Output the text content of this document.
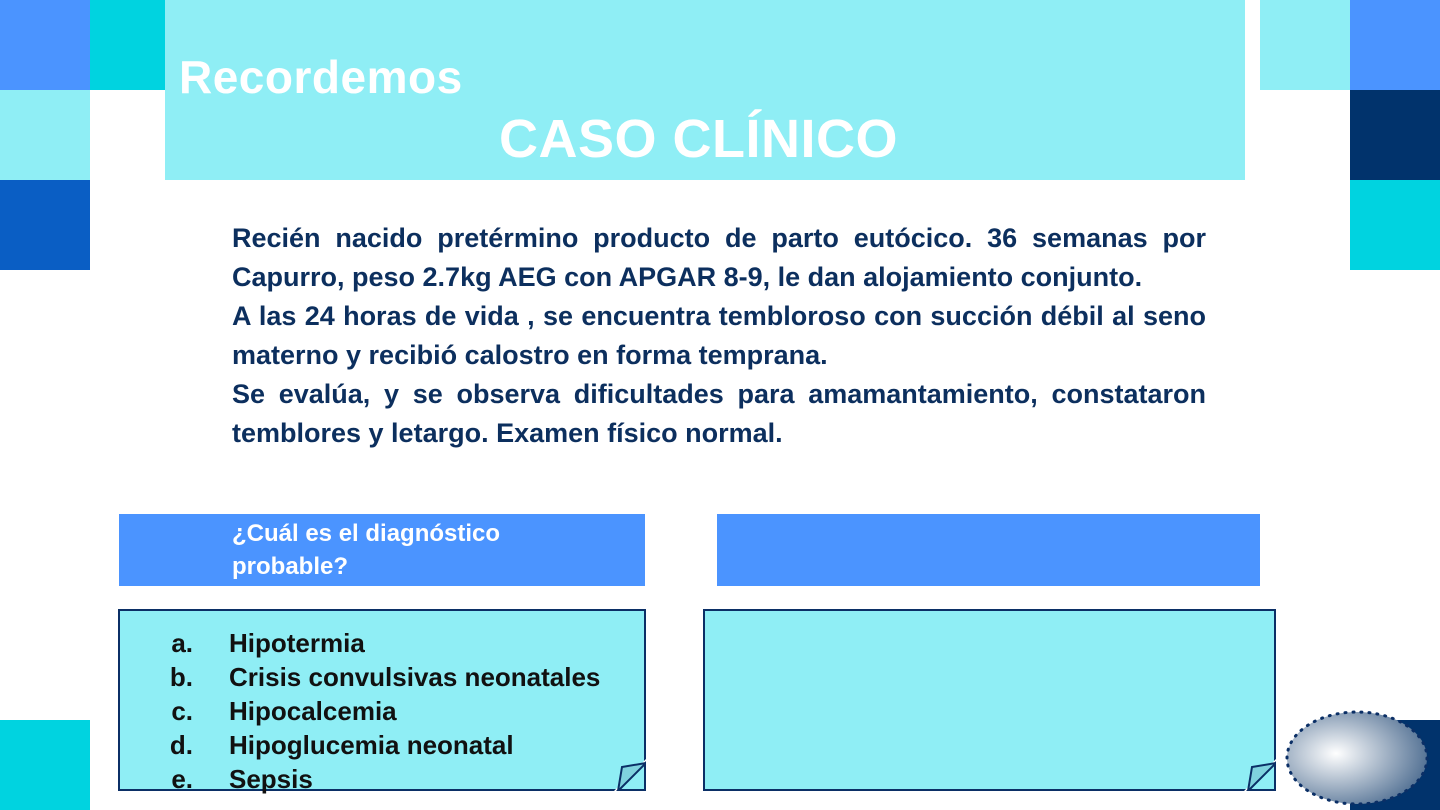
Recordemos
CASO CLÍNICO

Recién nacido pretérmino producto de parto eutócico. 36 semanas por Capurro, peso 2.7kg AEG con APGAR 8-9, le dan alojamiento conjunto.

A las 24 horas de vida , se encuentra tembloroso con succión débil al seno materno y recibió calostro en forma temprana.

Se evalúa, y se observa dificultades para amamantamiento, constataron temblores y letargo. Examen físico normal.

¿Cuál es el diagnóstico probable?

a.	Hipotermia
b.	Crisis convulsivas neonatales
c.	Hipocalcemia
d.	Hipoglucemia neonatal
e.	Sepsis
